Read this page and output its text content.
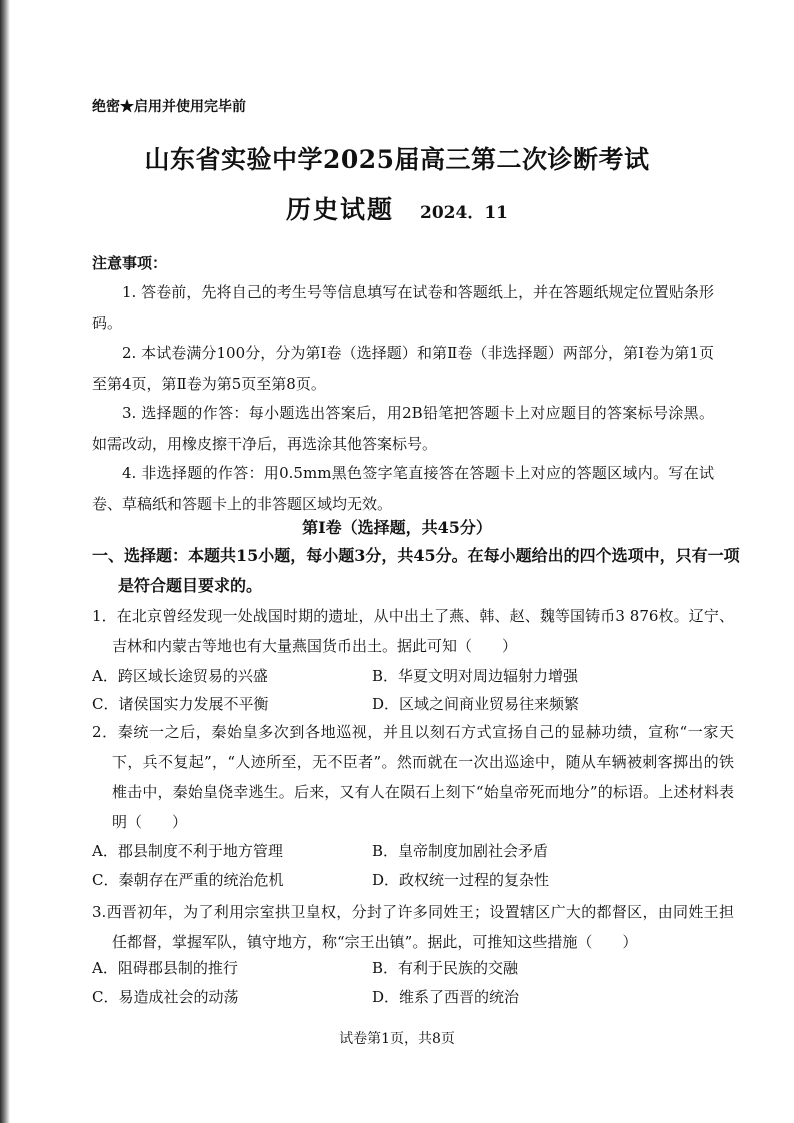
绝密★启用并使用完毕前
山东省实验中学2025届高三第二次诊断考试
历史试题 2024．11
注意事项：
1. 答卷前，先将自己的考生号等信息填写在试卷和答题纸上，并在答题纸规定位置贴条形码。
2. 本试卷满分100分，分为第Ⅰ卷（选择题）和第Ⅱ卷（非选择题）两部分，第Ⅰ卷为第1页至第4页，第Ⅱ卷为第5页至第8页。
3. 选择题的作答：每小题选出答案后，用2B铅笔把答题卡上对应题目的答案标号涂黑。如需改动，用橡皮擦干净后，再选涂其他答案标号。
4. 非选择题的作答：用0.5mm黑色签字笔直接答在答题卡上对应的答题区域内。写在试卷、草稿纸和答题卡上的非答题区域均无效。
第Ⅰ卷（选择题，共45分）
一、选择题：本题共15小题，每小题3分，共45分。在每小题给出的四个选项中，只有一项是符合题目要求的。
1．在北京曾经发现一处战国时期的遗址，从中出土了燕、韩、赵、魏等国铸币3 876枚。辽宁、吉林和内蒙古等地也有大量燕国货币出土。据此可知（　　）
A．跨区域长途贸易的兴盛	B．华夏文明对周边辐射力增强
C．诸侯国实力发展不平衡	D．区域之间商业贸易往来频繁
2．秦统一之后，秦始皇多次到各地巡视，并且以刻石方式宣扬自己的显赫功绩，宣称“一家天下，兵不复起”，“人迹所至，无不臣者”。然而就在一次出巡途中，随从车辆被刺客掷出的铁椎击中，秦始皇侥幸逃生。后来，又有人在陨石上刻下“始皇帝死而地分”的标语。上述材料表明（　　）
A．郡县制度不利于地方管理	B．皇帝制度加剧社会矛盾
C．秦朝存在严重的统治危机	D．政权统一过程的复杂性
3.西晋初年，为了利用宗室拱卫皇权，分封了许多同姓王；设置辖区广大的都督区，由同姓王担任都督，掌握军队，镇守地方，称“宗王出镇”。据此，可推知这些措施（　　）
A．阻碍郡县制的推行	B．有利于民族的交融
C．易造成社会的动荡	D．维系了西晋的统治
试卷第1页，共8页
